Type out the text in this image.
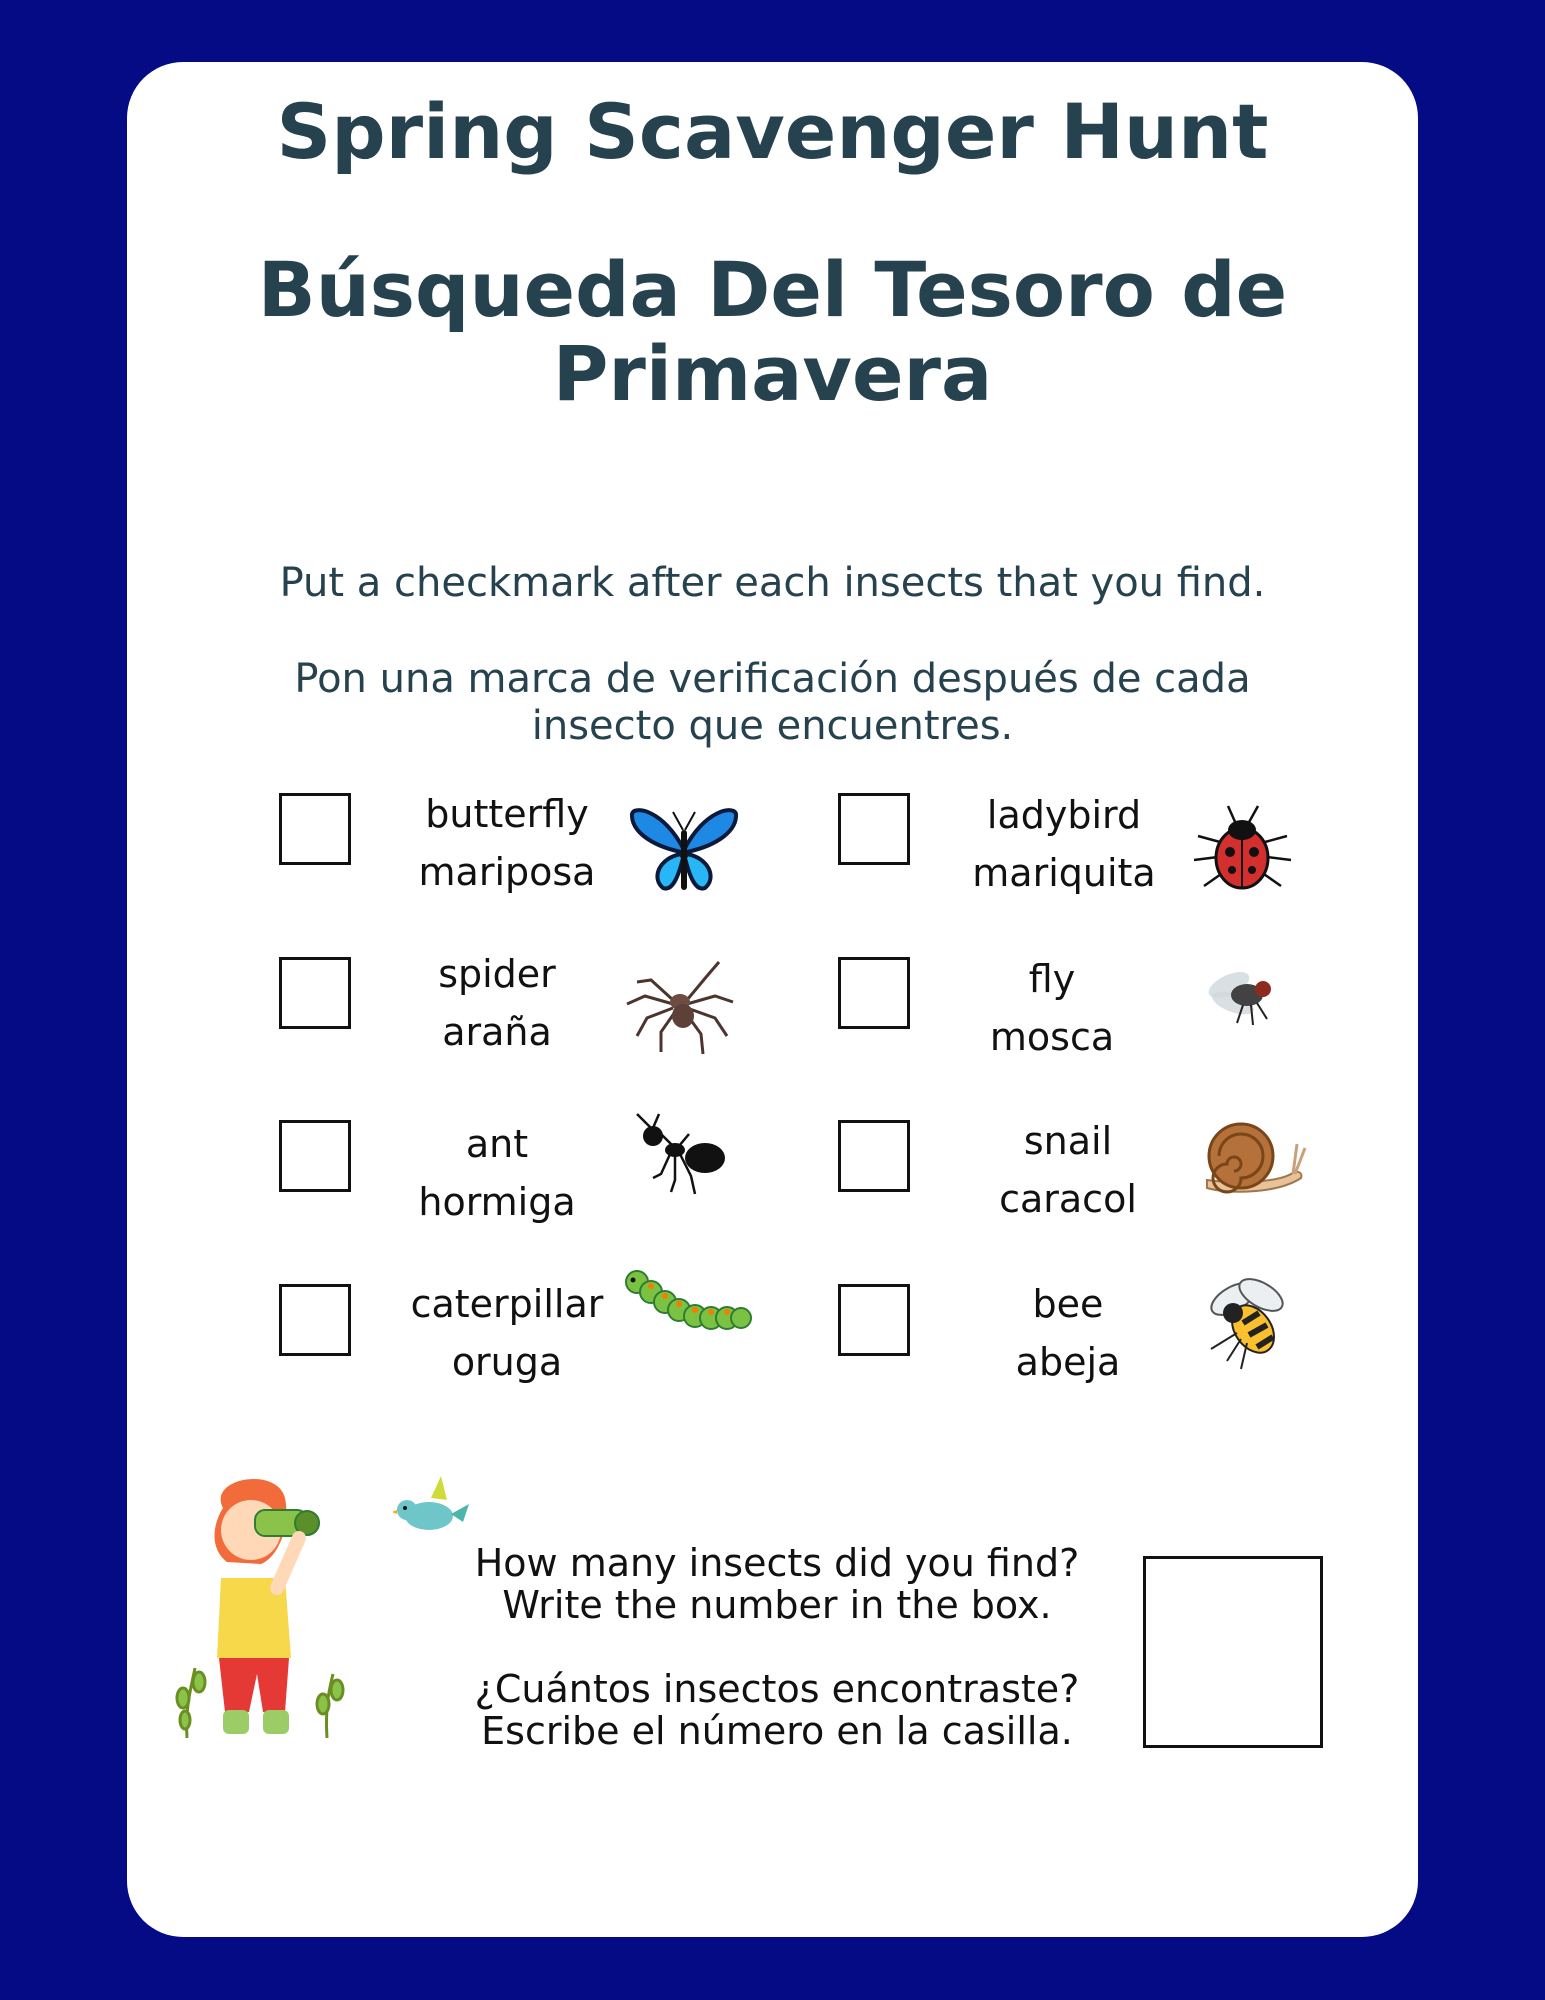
Spring Scavenger Hunt
Búsqueda Del Tesoro de
Primavera
Put a checkmark after each insects that you find.
Pon una marca de verificación después de cada
insecto que encuentres.
butterfly
mariposa
ladybird
mariquita
spider
araña
fly
mosca
ant
hormiga
snail
caracol
caterpillar
oruga
bee
abeja
How many insects did you find?
Write the number in the box.
¿Cuántos insectos encontraste?
Escribe el número en la casilla.
